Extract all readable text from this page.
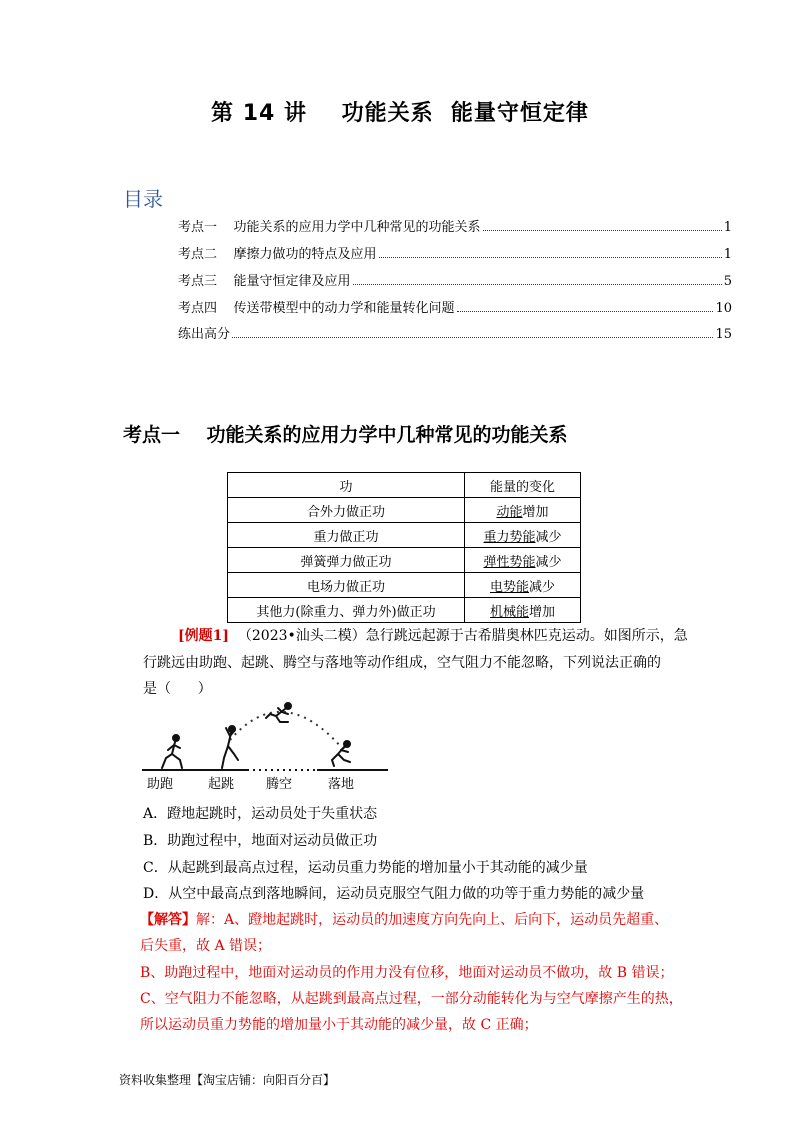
第 14 讲    功能关系  能量守恒定律
目录
考点一    功能关系的应用力学中几种常见的功能关系	1
考点二    摩擦力做功的特点及应用	1
考点三    能量守恒定律及应用	5
考点四    传送带模型中的动力学和能量转化问题	10
练出高分	15
考点一    功能关系的应用力学中几种常见的功能关系
功	能量的变化
合外力做正功	动能增加
重力做正功	重力势能减少
弹簧弹力做正功	弹性势能减少
电场力做正功	电势能减少
其他力(除重力、弹力外)做正功	机械能增加
[例题1]  （2023•汕头二模）急行跳远起源于古希腊奥林匹克运动。如图所示，急
行跳远由助跑、起跳、腾空与落地等动作组成，空气阻力不能忽略，下列说法正确的
是（      ）
助跑	起跳 腾空	落地
A．蹬地起跳时，运动员处于失重状态
B．助跑过程中，地面对运动员做正功
C．从起跳到最高点过程，运动员重力势能的增加量小于其动能的减少量
D．从空中最高点到落地瞬间，运动员克服空气阻力做的功等于重力势能的减少量
【解答】解：A、蹬地起跳时，运动员的加速度方向先向上、后向下，运动员先超重、
后失重，故 A 错误；
B、助跑过程中，地面对运动员的作用力没有位移，地面对运动员不做功，故 B 错误；
C、空气阻力不能忽略，从起跳到最高点过程，一部分动能转化为与空气摩擦产生的热，
所以运动员重力势能的增加量小于其动能的减少量，故 C 正确；
资料收集整理【淘宝店铺：向阳百分百】
